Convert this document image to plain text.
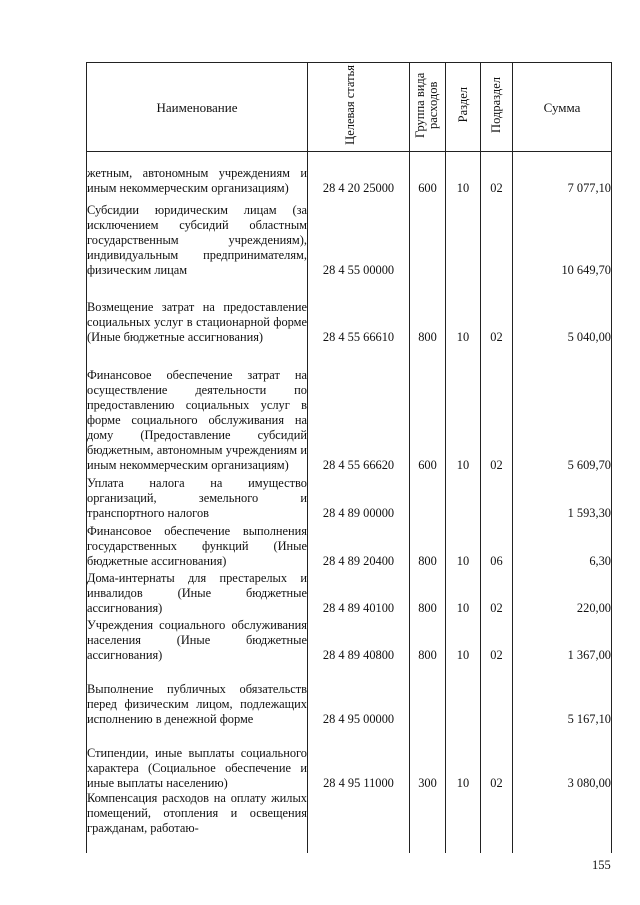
Наименование	Целевая статья	Группа вида расходов	Раздел	Подраздел	Сумма
жетным, автономным учреждениям и иным некоммерческим организациям)	28 4 20 25000	600	10	02	7 077,10
Субсидии юридическим лицам (за исключением субсидий областным государственным учреждениям), индивидуальным предпринимателям, физическим лицам	28 4 55 00000				10 649,70
Возмещение затрат на предоставление социальных услуг в стационарной форме (Иные бюджетные ассигнования)	28 4 55 66610	800	10	02	5 040,00
Финансовое обеспечение затрат на осуществление деятельности по предоставлению социальных услуг в форме социального обслуживания на дому (Предоставление субсидий бюджетным, автономным учреждениям и иным некоммерческим организациям)	28 4 55 66620	600	10	02	5 609,70
Уплата налога на имущество организаций, земельного и транспортного налогов	28 4 89 00000				1 593,30
Финансовое обеспечение выполнения государственных функций (Иные бюджетные ассигнования)	28 4 89 20400	800	10	06	6,30
Дома-интернаты для престарелых и инвалидов (Иные бюджетные ассигнования)	28 4 89 40100	800	10	02	220,00
Учреждения социального обслуживания населения (Иные бюджетные ассигнования)	28 4 89 40800	800	10	02	1 367,00
Выполнение публичных обязательств перед физическим лицом, подлежащих исполнению в денежной форме	28 4 95 00000				5 167,10
Стипендии, иные выплаты социального характера (Социальное обеспечение и иные выплаты населению)	28 4 95 11000	300	10	02	3 080,00
Компенсация расходов на оплату жилых помещений, отопления и освещения гражданам, работаю-					
155
